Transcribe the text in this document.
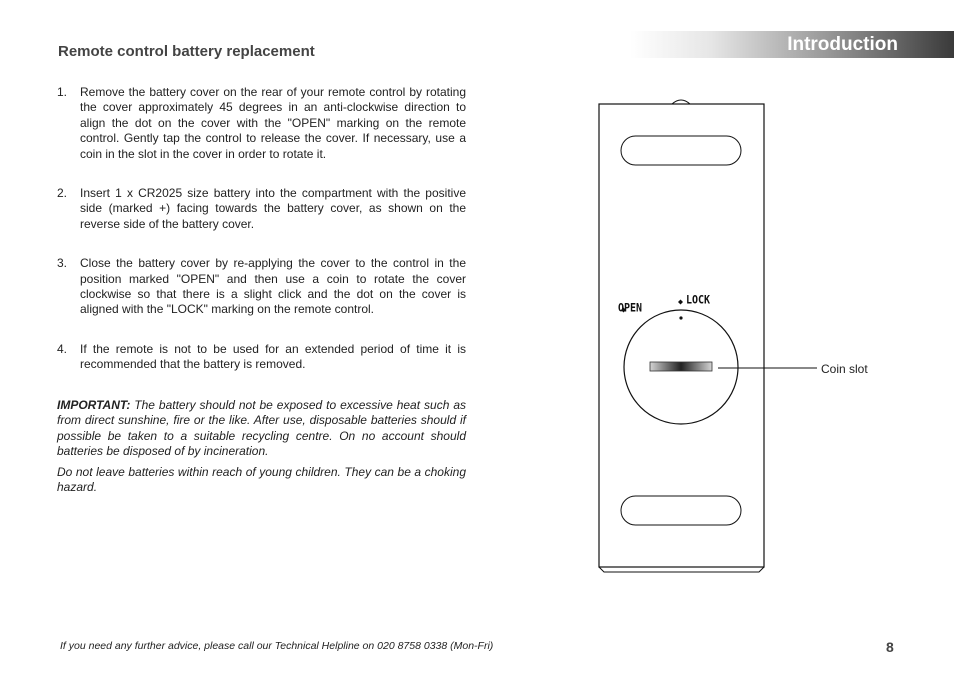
Introduction
Remote control battery replacement
1. Remove the battery cover on the rear of your remote control by rotating the cover approximately 45 degrees in an anti-clockwise direction to align the dot on the cover with the "OPEN" marking on the remote control. Gently tap the control to release the cover. If necessary, use a coin in the slot in the cover in order to rotate it.
2. Insert 1 x CR2025 size battery into the compartment with the positive side (marked +) facing towards the battery cover, as shown on the reverse side of the battery cover.
3. Close the battery cover by re-applying the cover to the control in the position marked "OPEN" and then use a coin to rotate the cover clockwise so that there is a slight click and the dot on the cover is aligned with the "LOCK" marking on the remote control.
4. If the remote is not to be used for an extended period of time it is recommended that the battery is removed.

IMPORTANT: The battery should not be exposed to excessive heat such as from direct sunshine, fire or the like. After use, disposable batteries should if possible be taken to a suitable recycling centre. On no account should batteries be disposed of by incineration.

Do not leave batteries within reach of young children. They can be a choking hazard.

OPEN
LOCK
Coin slot
If you need any further advice, please call our Technical Helpline on 020 8758 0338 (Mon-Fri)	8
